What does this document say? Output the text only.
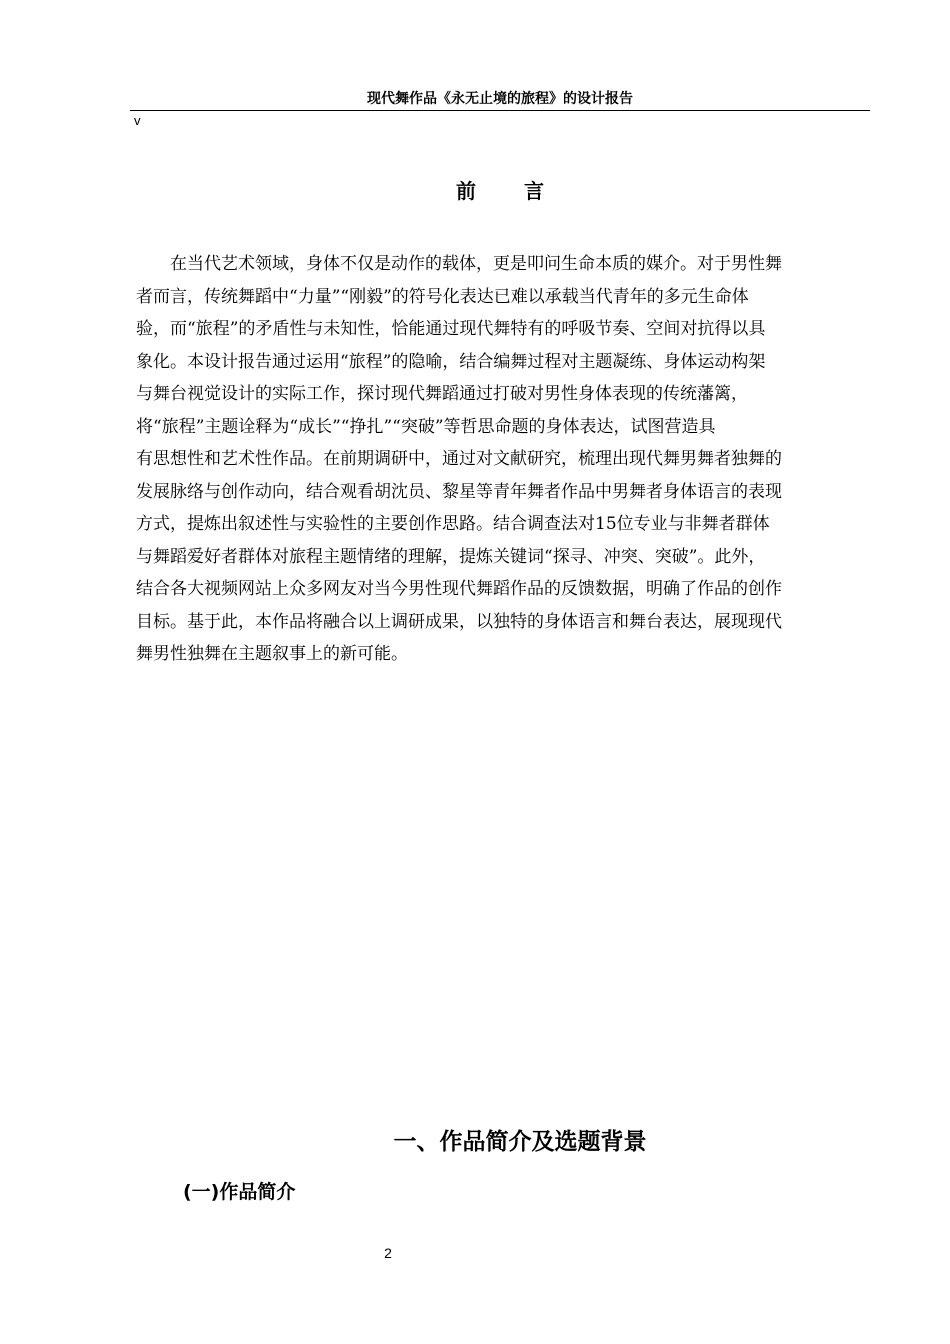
现代舞作品《永无止境的旅程》的设计报告
v
前言
　　在当代艺术领域，身体不仅是动作的载体，更是叩问生命本质的媒介。对于男性舞
者而言，传统舞蹈中“力量”“刚毅”的符号化表达已难以承载当代青年的多元生命体
验，而“旅程”的矛盾性与未知性，恰能通过现代舞特有的呼吸节奏、空间对抗得以具
象化。本设计报告通过运用“旅程”的隐喻，结合编舞过程对主题凝练、身体运动构架
与舞台视觉设计的实际工作，探讨现代舞蹈通过打破对男性身体表现的传统藩篱，
将“旅程”主题诠释为“成长”“挣扎”“突破”等哲思命题的身体表达，试图营造具
有思想性和艺术性作品。在前期调研中，通过对文献研究，梳理出现代舞男舞者独舞的
发展脉络与创作动向，结合观看胡沈员、黎星等青年舞者作品中男舞者身体语言的表现
方式，提炼出叙述性与实验性的主要创作思路。结合调查法对15位专业与非舞者群体
与舞蹈爱好者群体对旅程主题情绪的理解，提炼关键词“探寻、冲突、突破”。此外，
结合各大视频网站上众多网友对当今男性现代舞蹈作品的反馈数据，明确了作品的创作
目标。基于此，本作品将融合以上调研成果，以独特的身体语言和舞台表达，展现现代
舞男性独舞在主题叙事上的新可能。
一、作品简介及选题背景
(一)作品简介
2
